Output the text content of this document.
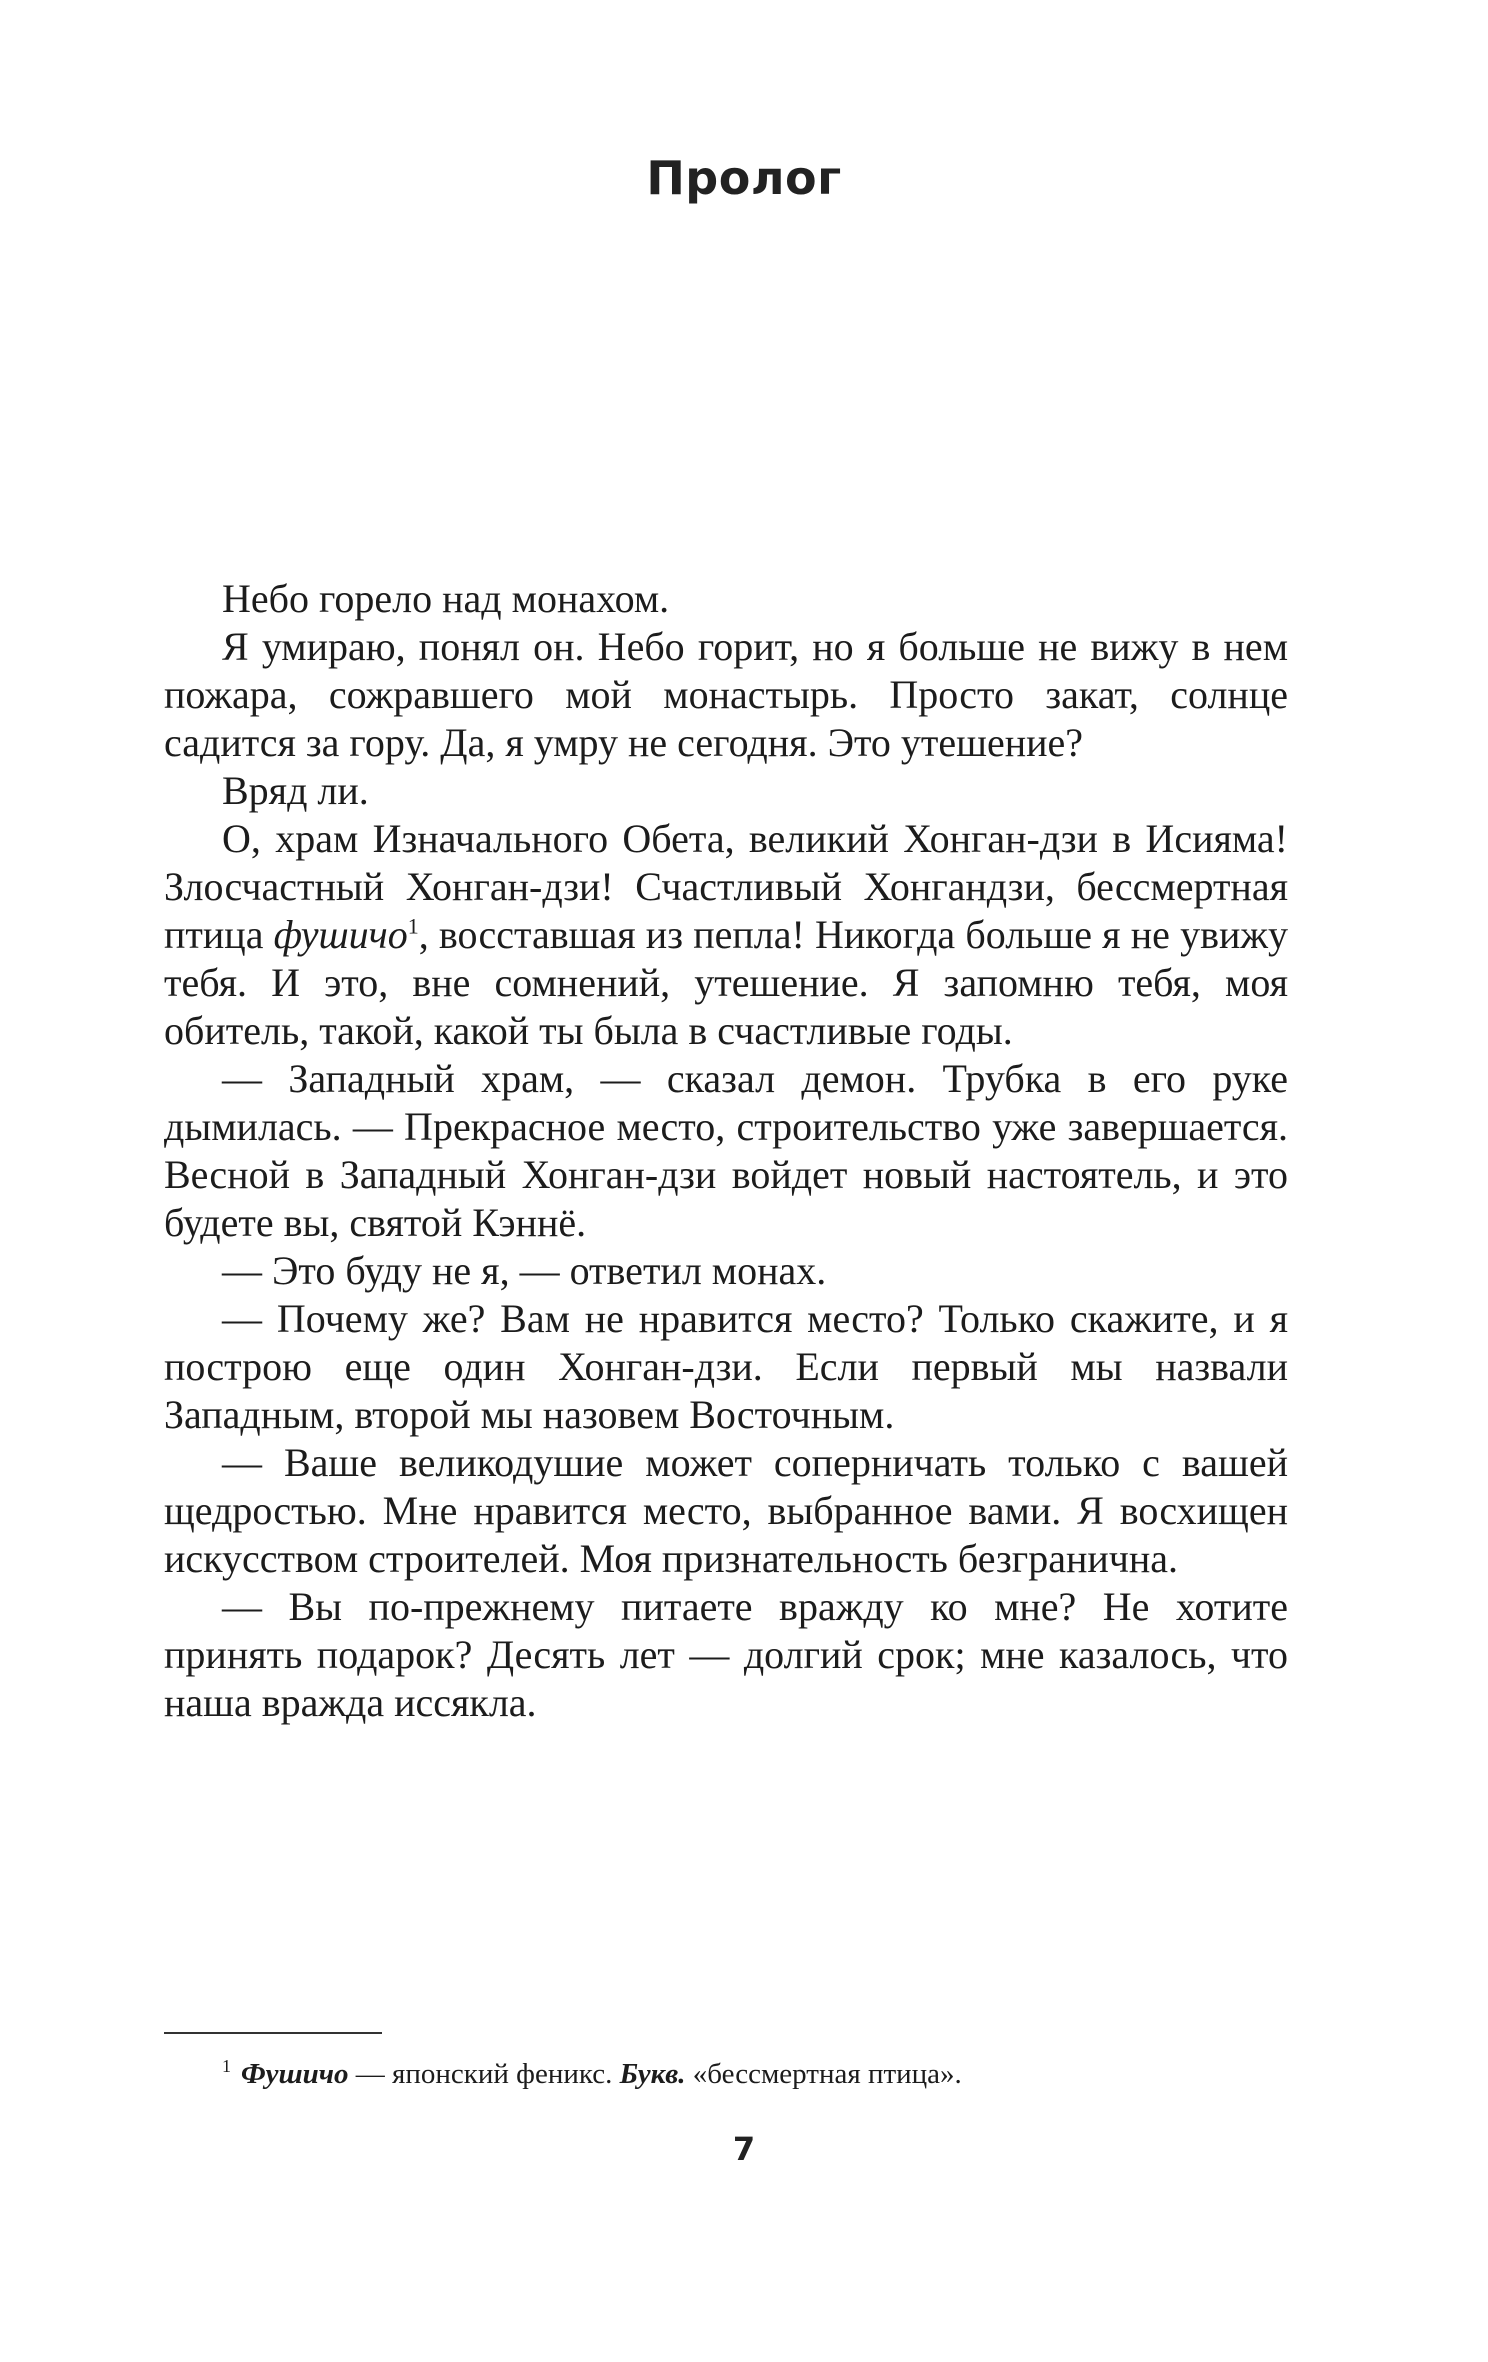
Пролог

Небо горело над монахом.

Я умираю, понял он. Небо горит, но я больше не вижу в нем пожара, сожравшего мой монастырь. Просто закат, солнце садится за гору. Да, я умру не сегодня. Это утешение?

Вряд ли.

О, храм Изначального Обета, великий Хонган-дзи в Исияма! Злосчастный Хонган-дзи! Счастливый Хонгандзи, бессмертная птица фушичо$^1$, восставшая из пепла! Никогда больше я не увижу тебя. И это, вне сомнений, утешение. Я запомню тебя, моя обитель, такой, какой ты была в счастливые годы.

— Западный храм, — сказал демон. Трубка в его руке дымилась. — Прекрасное место, строительство уже завершается. Весной в Западный Хонган-дзи войдет новый настоятель, и это будете вы, святой Кэннё.

— Это буду не я, — ответил монах.

— Почему же? Вам не нравится место? Только скажите, и я построю еще один Хонган-дзи. Если первый мы назвали Западным, второй мы назовем Восточным.

— Ваше великодушие может соперничать только с вашей щедростью. Мне нравится место, выбранное вами. Я восхищен искусством строителей. Моя признательность безгранична.

— Вы по-прежнему питаете вражду ко мне? Не хотите принять подарок? Десять лет — долгий срок; мне казалось, что наша вражда иссякла.

$^1$ Фушичо — японский феникс. Букв. «бессмертная птица».
7
